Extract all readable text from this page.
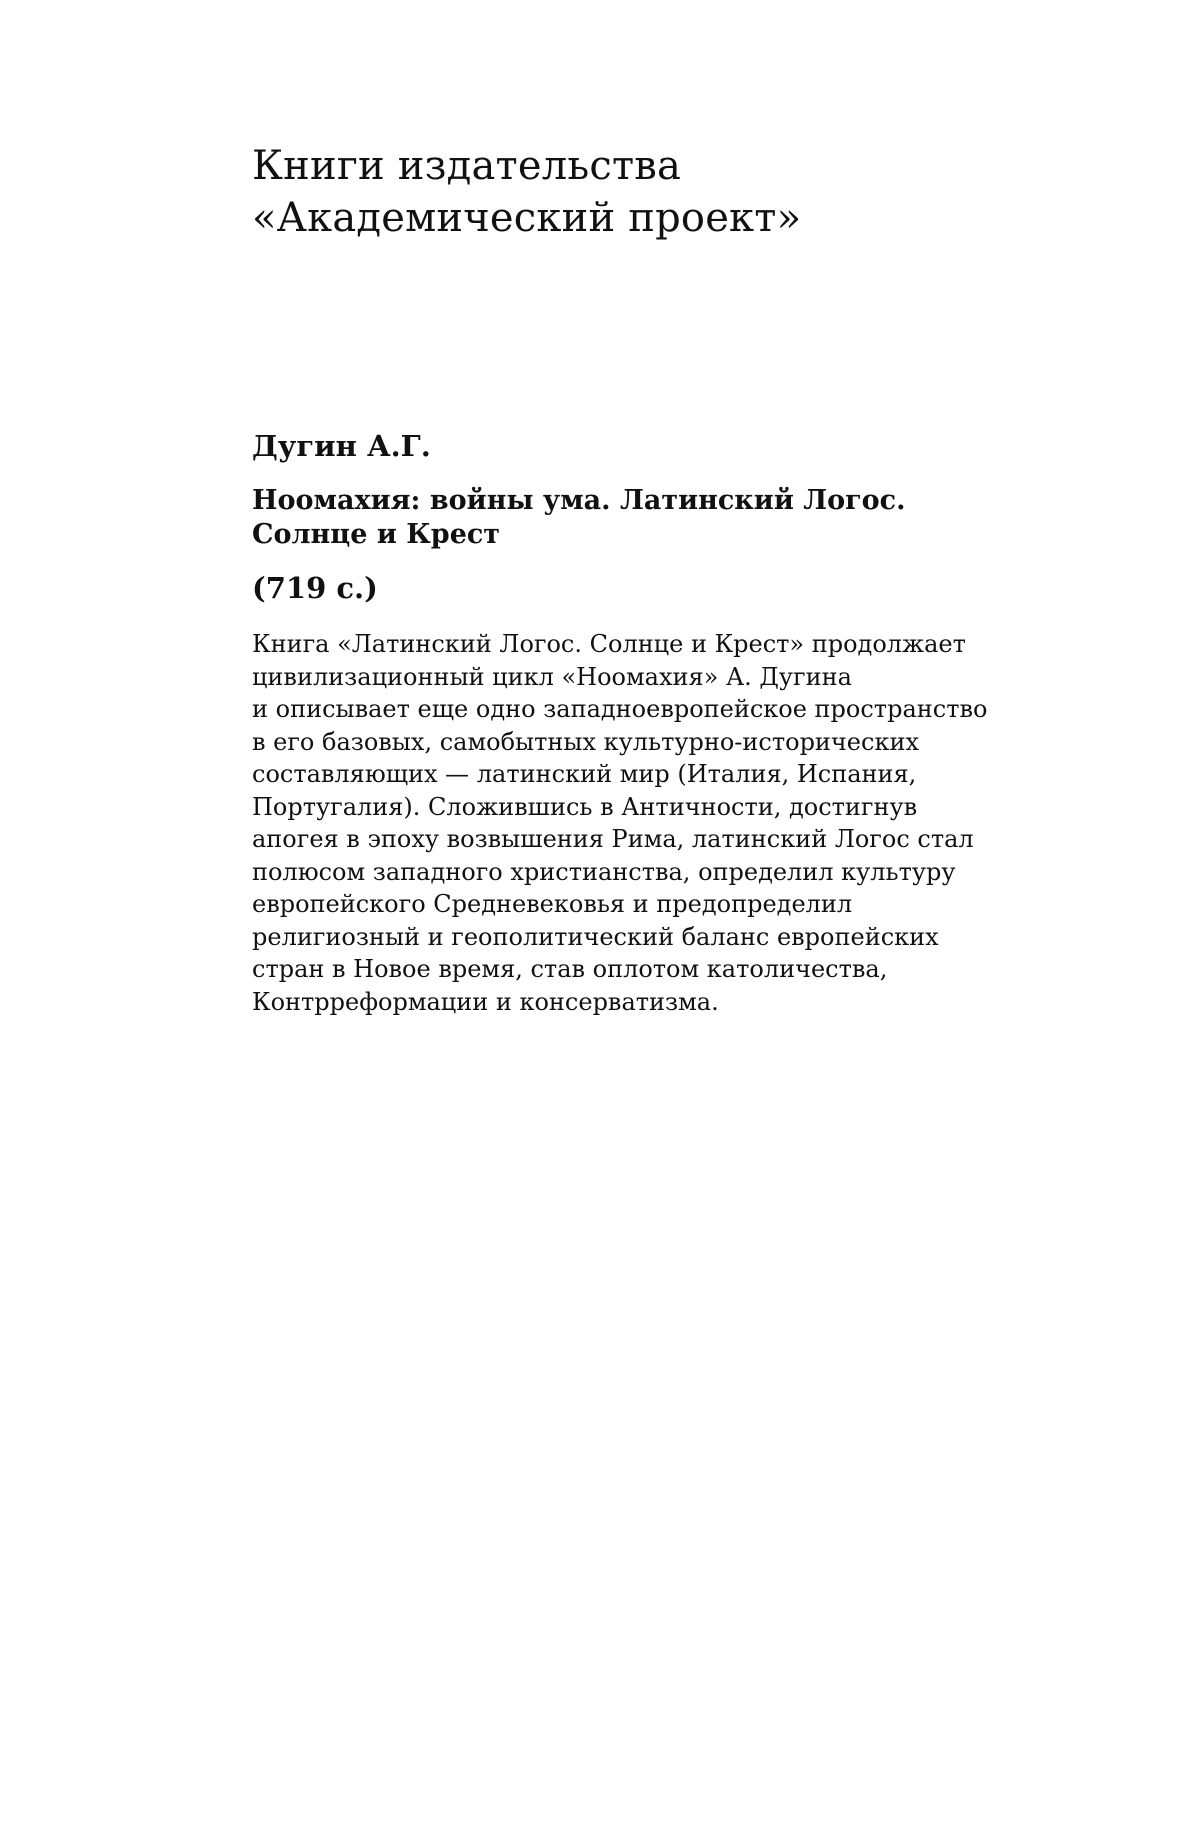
Книги издательства
«Академический проект»
Дугин А.Г.
Ноомахия: войны ума. Латинский Логос.
Солнце и Крест
(719 с.)
Книга «Латинский Логос. Солнце и Крест» продолжает
цивилизационный цикл «Ноомахия» А. Дугина
и описывает еще одно западноевропейское пространство
в его базовых, самобытных культурно-исторических
составляющих — латинский мир (Италия, Испания,
Португалия). Сложившись в Античности, достигнув
апогея в эпоху возвышения Рима, латинский Логос стал
полюсом западного христианства, определил культуру
европейского Средневековья и предопределил
религиозный и геополитический баланс европейских
стран в Новое время, став оплотом католичества,
Контрреформации и консерватизма.
